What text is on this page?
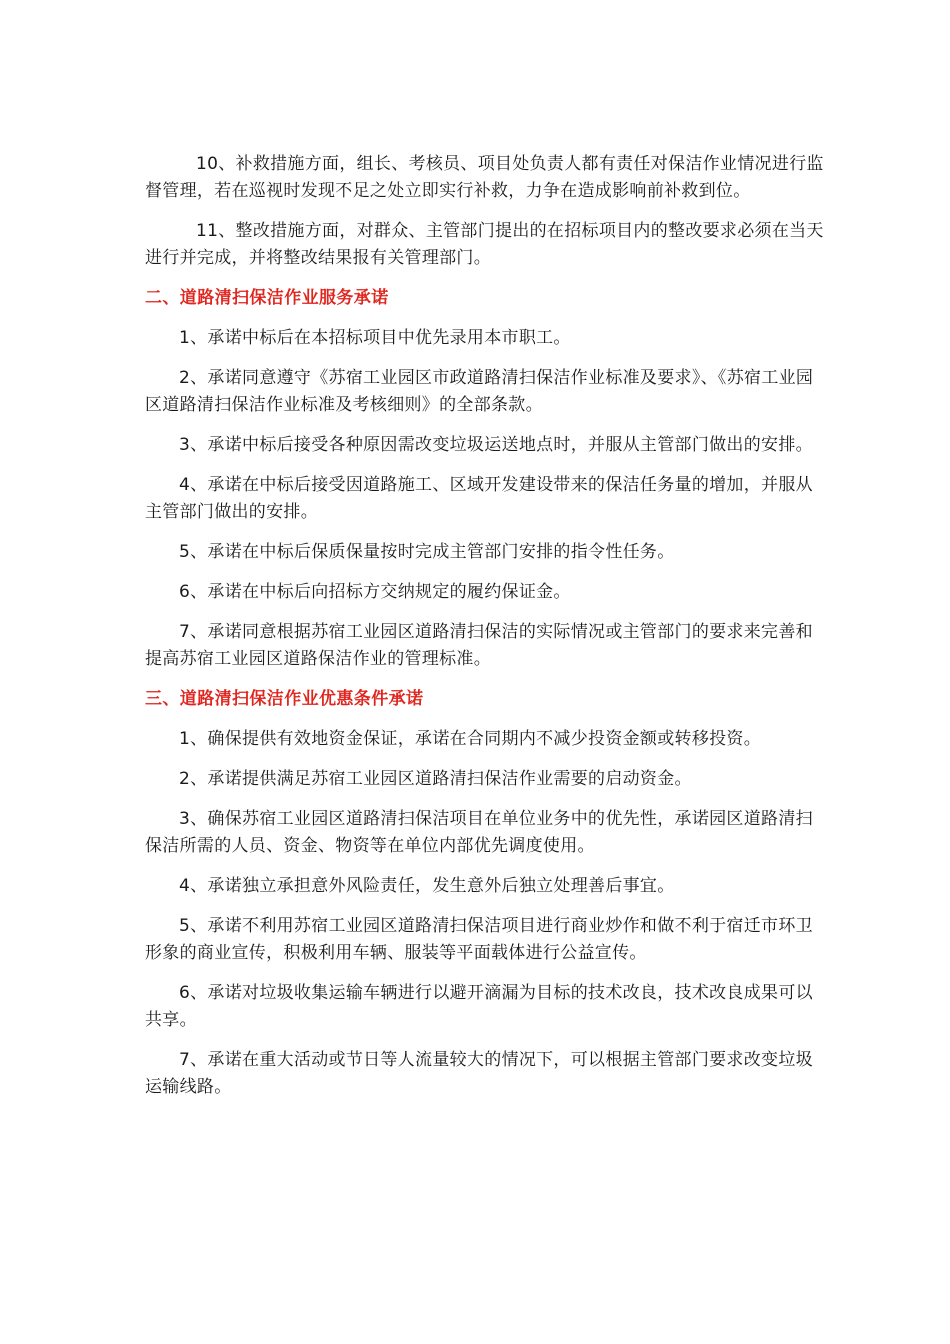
10、补救措施方面，组长、考核员、项目处负责人都有责任对保洁作业情况进行监督管理，若在巡视时发现不足之处立即实行补救，力争在造成影响前补救到位。

11、整改措施方面，对群众、主管部门提出的在招标项目内的整改要求必须在当天进行并完成，并将整改结果报有关管理部门。

二、道路清扫保洁作业服务承诺

1、承诺中标后在本招标项目中优先录用本市职工。

2、承诺同意遵守《苏宿工业园区市政道路清扫保洁作业标准及要求》、《苏宿工业园区道路清扫保洁作业标准及考核细则》的全部条款。

3、承诺中标后接受各种原因需改变垃圾运送地点时，并服从主管部门做出的安排。

4、承诺在中标后接受因道路施工、区域开发建设带来的保洁任务量的增加，并服从主管部门做出的安排。

5、承诺在中标后保质保量按时完成主管部门安排的指令性任务。

6、承诺在中标后向招标方交纳规定的履约保证金。

7、承诺同意根据苏宿工业园区道路清扫保洁的实际情况或主管部门的要求来完善和提高苏宿工业园区道路保洁作业的管理标准。

三、道路清扫保洁作业优惠条件承诺

1、确保提供有效地资金保证，承诺在合同期内不减少投资金额或转移投资。

2、承诺提供满足苏宿工业园区道路清扫保洁作业需要的启动资金。

3、确保苏宿工业园区道路清扫保洁项目在单位业务中的优先性，承诺园区道路清扫保洁所需的人员、资金、物资等在单位内部优先调度使用。

4、承诺独立承担意外风险责任，发生意外后独立处理善后事宜。

5、承诺不利用苏宿工业园区道路清扫保洁项目进行商业炒作和做不利于宿迁市环卫形象的商业宣传，积极利用车辆、服装等平面载体进行公益宣传。

6、承诺对垃圾收集运输车辆进行以避开滴漏为目标的技术改良，技术改良成果可以共享。

7、承诺在重大活动或节日等人流量较大的情况下，可以根据主管部门要求改变垃圾运输线路。
